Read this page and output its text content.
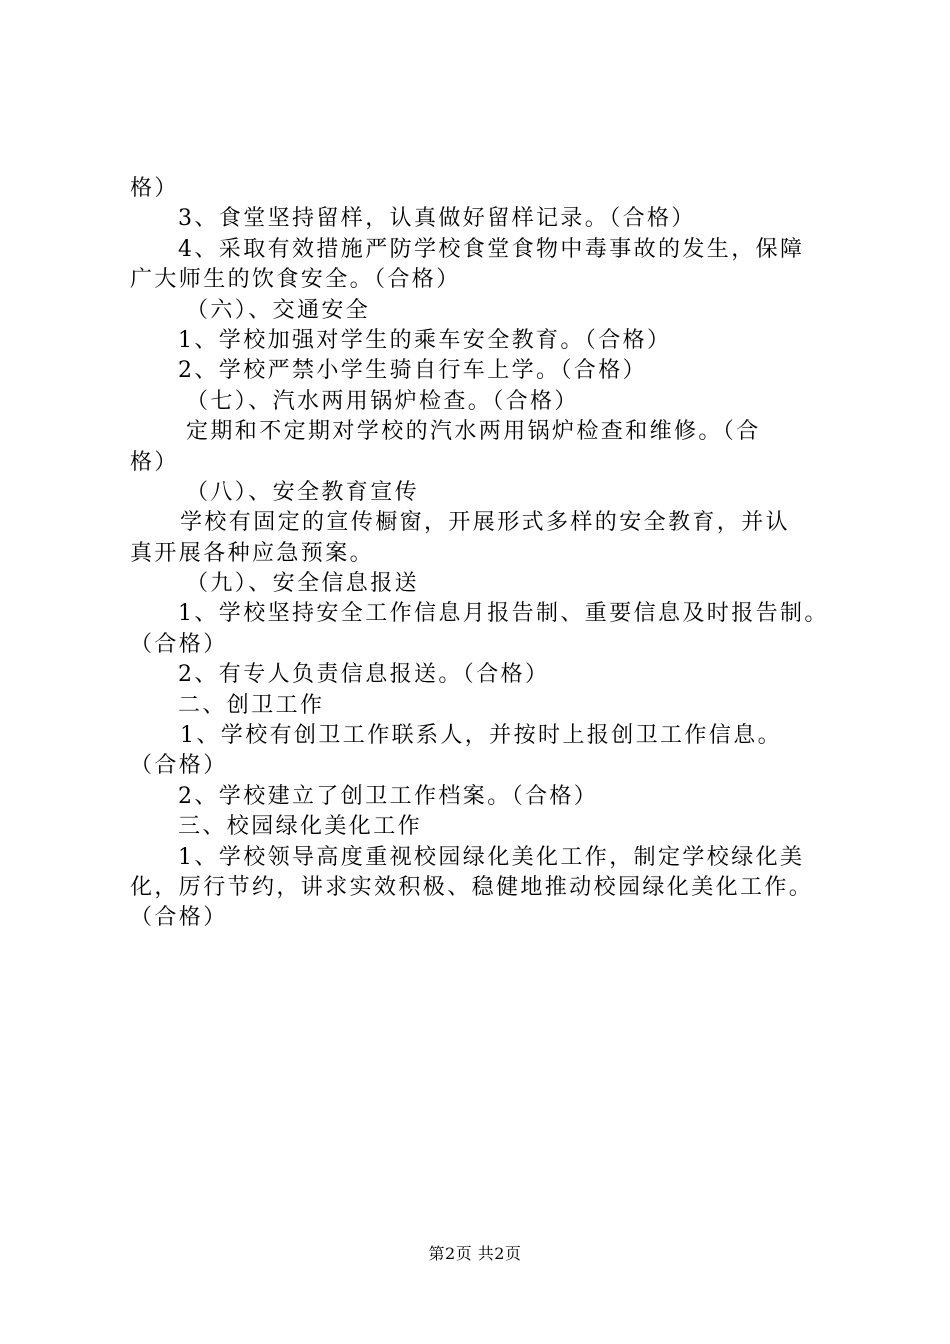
格）
3、食堂坚持留样，认真做好留样记录。（合格）
4、采取有效措施严防学校食堂食物中毒事故的发生，保障
广大师生的饮食安全。（合格）
（六）、交通安全
1、学校加强对学生的乘车安全教育。（合格）
2、学校严禁小学生骑自行车上学。（合格）
（七）、汽水两用锅炉检查。（合格）
定期和不定期对学校的汽水两用锅炉检查和维修。（合
格）
（八）、安全教育宣传
学校有固定的宣传橱窗，开展形式多样的安全教育，并认
真开展各种应急预案。
（九）、安全信息报送
1、学校坚持安全工作信息月报告制、重要信息及时报告制。
（合格）
2、有专人负责信息报送。（合格）
二、创卫工作
1、学校有创卫工作联系人，并按时上报创卫工作信息。
（合格）
2、学校建立了创卫工作档案。（合格）
三、校园绿化美化工作
1、学校领导高度重视校园绿化美化工作，制定学校绿化美
化，厉行节约，讲求实效积极、稳健地推动校园绿化美化工作。
（合格）
第2页 共2页
